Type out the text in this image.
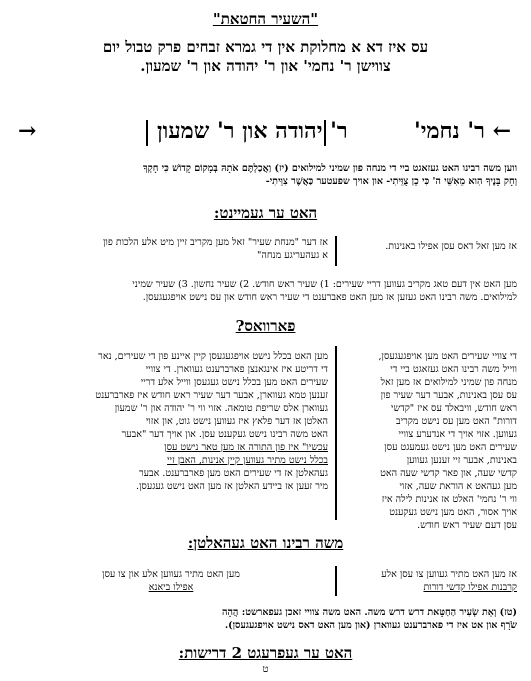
"השעיר החטאת"
עס איז דא א מחלוקת אין די גמרא זבחים פרק טבול יום
צווישן ר' נחמי' און ר' יהודה און ר' שמעון.
← ר' נחמי'
ר' יהודה און ר' שמעון
→
ווען משה רבינו האט געזאגט ביי די מנחה פון שמיני למילואים (יז) וַאֲכַלְתֶּם אֹתָהּ בְּמָקוֹם קָדוֹשׁ כִּי חָקְךָ
וְחָק בָּנֶיךָ הִוא מֵאִשֵּׁי ה' כִּי כֵן צֻוֵּיתִי- און אויך שפעטער כַּאֲשֶׁר צִוֵּיתִי-
האט ער געמיינט:
אז מען זאל דאס עסן אפילו באנינות.
אז דער "מנחת שעיר" זאל מען מקריב זיין מיט אלע הלכות פון
א געהעריגע מנחה"
מען האט אין דעם טאג מקריב געווען דריי שעירים: 1) שעיר ראש חודש. 2) שעיר נחשון. 3) שעיר שמיני
למילואים. משה רבינו האט געזען אז מען האט פאברענט די שעיר ראש חודש און עס נישט אויפגעגעסן.
פארוואס?
די צוויי שעירים האט מען אויפגעגעסן,
ווייל משה רבינו האט געזאגט ביי די
מנחה פון שמיני למילואים אז מען זאל
עס עסן באנינות, אבער דער שעיר פון
ראש חודש, וויבאלד עס איז "קדשי
דורות" האט מען עס נישט מקריב
געווען. אזוי אויך די אנדערע צוויי
שעירים האט מען נישט געמעגט עסן
באנינות, אבער זיי זענען געווען
קדשי שעה, און פאר קדשי שעה האט
מען געהאט א הוראת שעה, אזוי
ווי ר' נחמי' האלט אז אנינות לילה איז
אויך אסור, האט מען נישט געקענט
עסן דעם שעיר ראש חודש.
מען האט בכלל נישט אויפגעגעסן קיין איינע פון די שעירים, נאר
די דריטע איז אינגאנצן פארברענט געווארן. די צוויי
שעירים האט מען בכלל נישט געגעסן ווייל אלע דריי
זענען טמא געווארן, אבער דער שעיר ראש חודש איז פארברענט
געווארן אלס שריפת טומאה. אזוי ווי ר' יהודה און ר' שמעון
האלטן אז דער פלאץ איז געווען נישט גוט, און אזוי
האט משה רבינו נישט געקענט עסן. און אויך דער "אבער
עכשיו" איז פון התורה אז מען טאר נישט עסן
בכלל נישט מתיר געווען קיין אנינות, האבן זיי
געהאלטן אז די שעירים האט מען פארברענט. אבער
מיר זעען אז ביידע האלטן אז מען האט נישט געגעסן.
משה רבינו האט געהאלטן:
אז מען האט מתיר געווען צו עסן אלע
קרבנות אפילו קדשי דורות
מען האט מתיר געווען אלע און צו עסן
אפילו ביאנא
(טז) וְאֵת שְׂעִיר הַחַטָּאת דרש דרש משה. האט משה צוויי זאכן געפארשט: הֲהָה
שֹׂרָף און אט איז די פארברענט געווארן (און מען האט דאס נישט אויפגעגעסן).
האט ער געפרעגט 2 דרישות:
ט
